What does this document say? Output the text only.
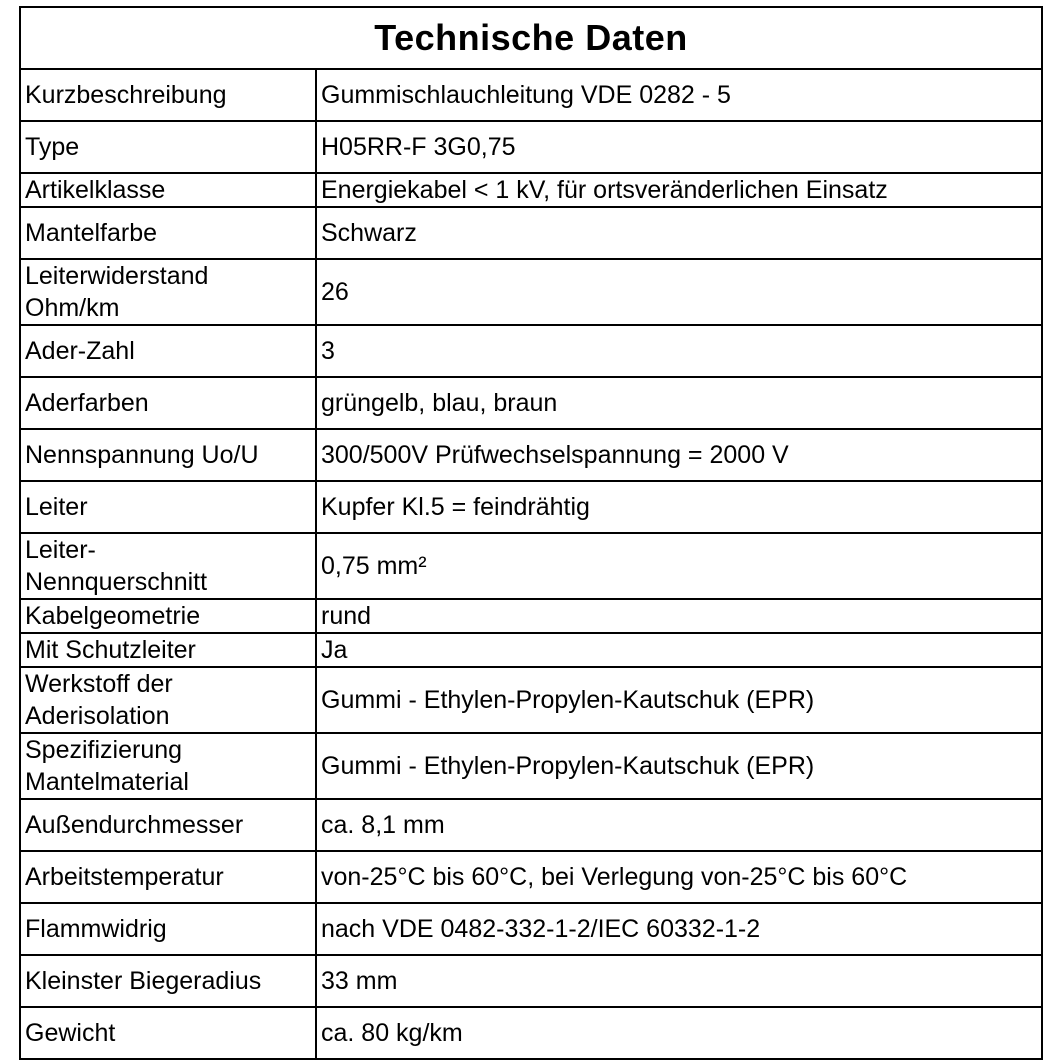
Technische Daten	
Kurzbeschreibung	Gummischlauchleitung VDE 0282 - 5
Type	H05RR-F 3G0,75
Artikelklasse	Energiekabel < 1 kV, für ortsveränderlichen Einsatz
Mantelfarbe	Schwarz
Leiterwiderstand
Ohm/km	26
Ader-Zahl	3
Aderfarben	grüngelb, blau, braun
Nennspannung Uo/U	300/500V Prüfwechselspannung = 2000 V
Leiter	Kupfer Kl.5 = feindrähtig
Leiter-
Nennquerschnitt	0,75 mm²
Kabelgeometrie	rund
Mit Schutzleiter	Ja
Werkstoff der
Aderisolation	Gummi - Ethylen-Propylen-Kautschuk (EPR)
Spezifizierung
Mantelmaterial	Gummi - Ethylen-Propylen-Kautschuk (EPR)
Außendurchmesser	ca. 8,1 mm
Arbeitstemperatur	von-25°C bis 60°C, bei Verlegung von-25°C bis 60°C
Flammwidrig	nach VDE 0482-332-1-2/IEC 60332-1-2
Kleinster Biegeradius	33 mm
Gewicht	ca. 80 kg/km
